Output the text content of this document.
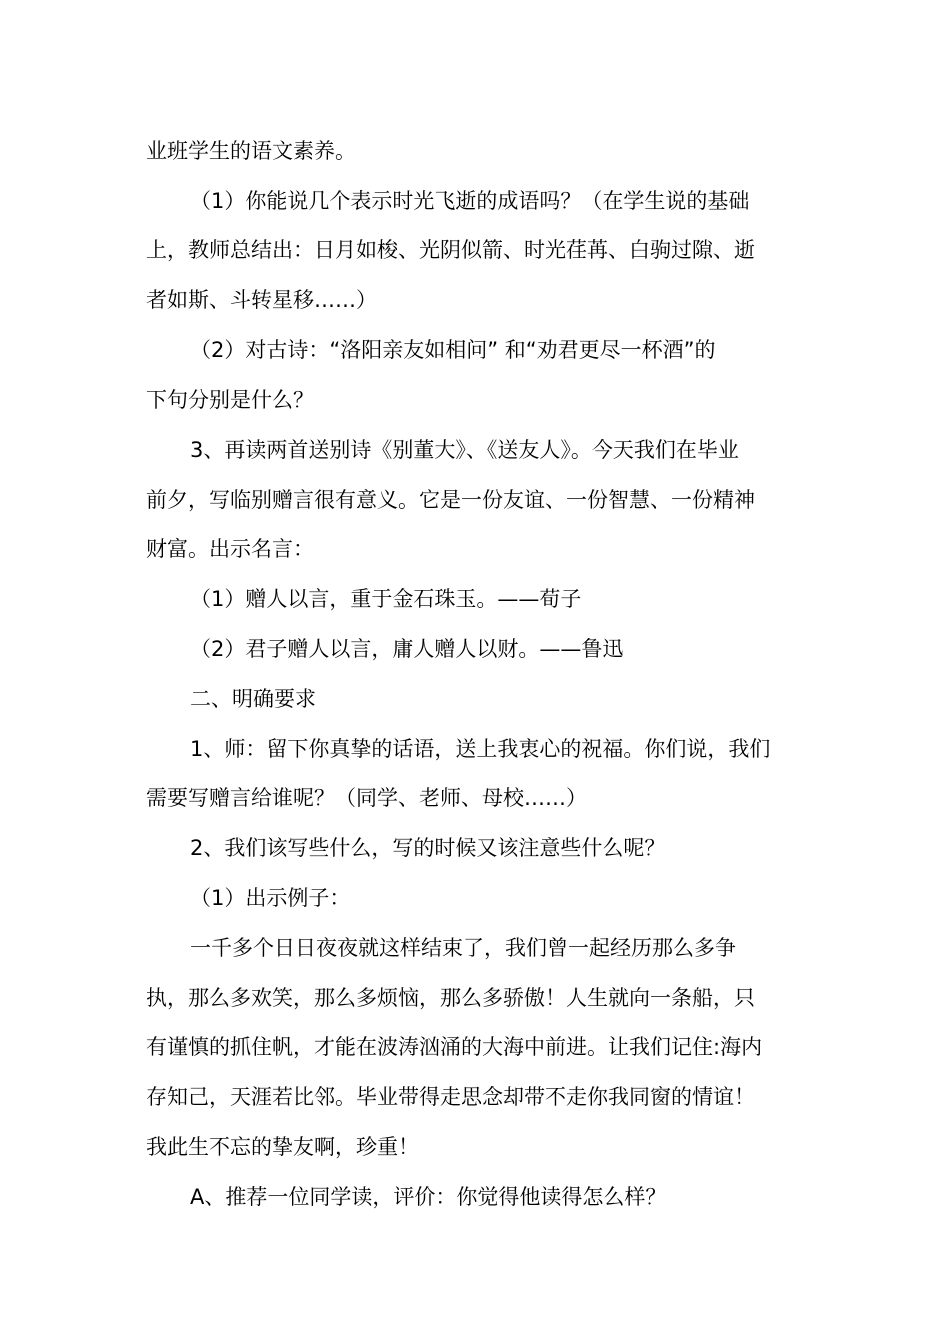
业班学生的语文素养。
（1）你能说几个表示时光飞逝的成语吗？（在学生说的基础
上，教师总结出：日月如梭、光阴似箭、时光荏苒、白驹过隙、逝
者如斯、斗转星移……）
（2）对古诗：“洛阳亲友如相问” 和“劝君更尽一杯酒”的
下句分别是什么？
3、再读两首送别诗《别董大》、《送友人》。今天我们在毕业
前夕，写临别赠言很有意义。它是一份友谊、一份智慧、一份精神
财富。出示名言：
（1）赠人以言，重于金石珠玉。——荀子
（2）君子赠人以言，庸人赠人以财。——鲁迅
二、明确要求
1、师：留下你真挚的话语，送上我衷心的祝福。你们说，我们
需要写赠言给谁呢？（同学、老师、母校……）
2、我们该写些什么，写的时候又该注意些什么呢？
（1）出示例子：
一千多个日日夜夜就这样结束了，我们曾一起经历那么多争
执，那么多欢笑，那么多烦恼，那么多骄傲！人生就向一条船，只
有谨慎的抓住帆，才能在波涛汹涌的大海中前进。让我们记住:海内
存知己，天涯若比邻。毕业带得走思念却带不走你我同窗的情谊！
我此生不忘的挚友啊，珍重！
A、推荐一位同学读，评价：你觉得他读得怎么样？
